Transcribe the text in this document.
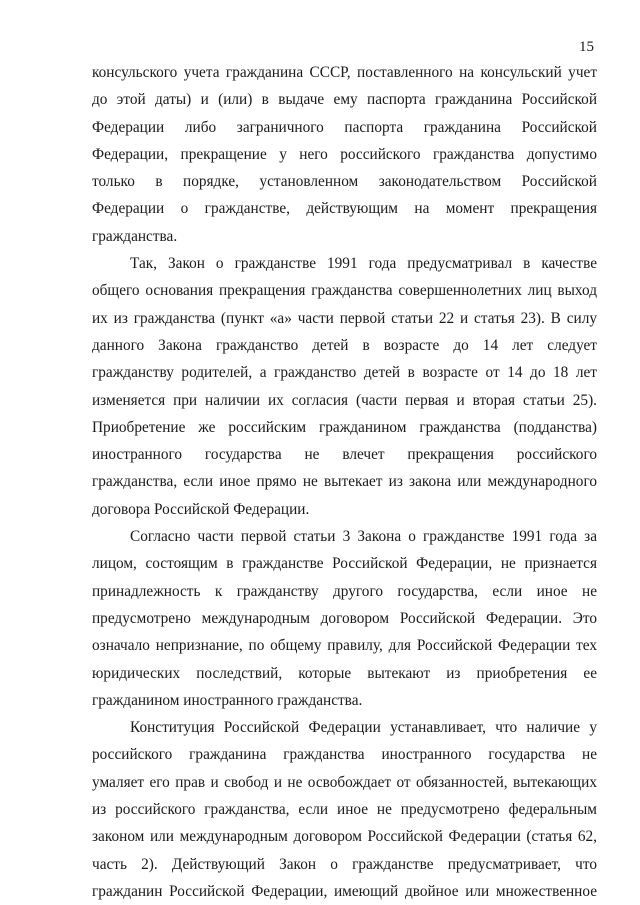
15
консульского учета гражданина СССР, поставленного на консульский учет
до этой даты) и (или) в выдаче ему паспорта гражданина Российской
Федерации либо заграничного паспорта гражданина Российской
Федерации, прекращение у него российского гражданства допустимо
только в порядке, установленном законодательством Российской
Федерации о гражданстве, действующим на момент прекращения
гражданства.
Так, Закон о гражданстве 1991 года предусматривал в качестве
общего основания прекращения гражданства совершеннолетних лиц выход
их из гражданства (пункт «а» части первой статьи 22 и статья 23). В силу
данного Закона гражданство детей в возрасте до 14 лет следует
гражданству родителей, а гражданство детей в возрасте от 14 до 18 лет
изменяется при наличии их согласия (части первая и вторая статьи 25).
Приобретение же российским гражданином гражданства (подданства)
иностранного государства не влечет прекращения российского
гражданства, если иное прямо не вытекает из закона или международного
договора Российской Федерации.
Согласно части первой статьи 3 Закона о гражданстве 1991 года за
лицом, состоящим в гражданстве Российской Федерации, не признается
принадлежность к гражданству другого государства, если иное не
предусмотрено международным договором Российской Федерации. Это
означало непризнание, по общему правилу, для Российской Федерации тех
юридических последствий, которые вытекают из приобретения ее
гражданином иностранного гражданства.
Конституция Российской Федерации устанавливает, что наличие у
российского гражданина гражданства иностранного государства не
умаляет его прав и свобод и не освобождает от обязанностей, вытекающих
из российского гражданства, если иное не предусмотрено федеральным
законом или международным договором Российской Федерации (статья 62,
часть 2). Действующий Закон о гражданстве предусматривает, что
гражданин Российской Федерации, имеющий двойное или множественное
